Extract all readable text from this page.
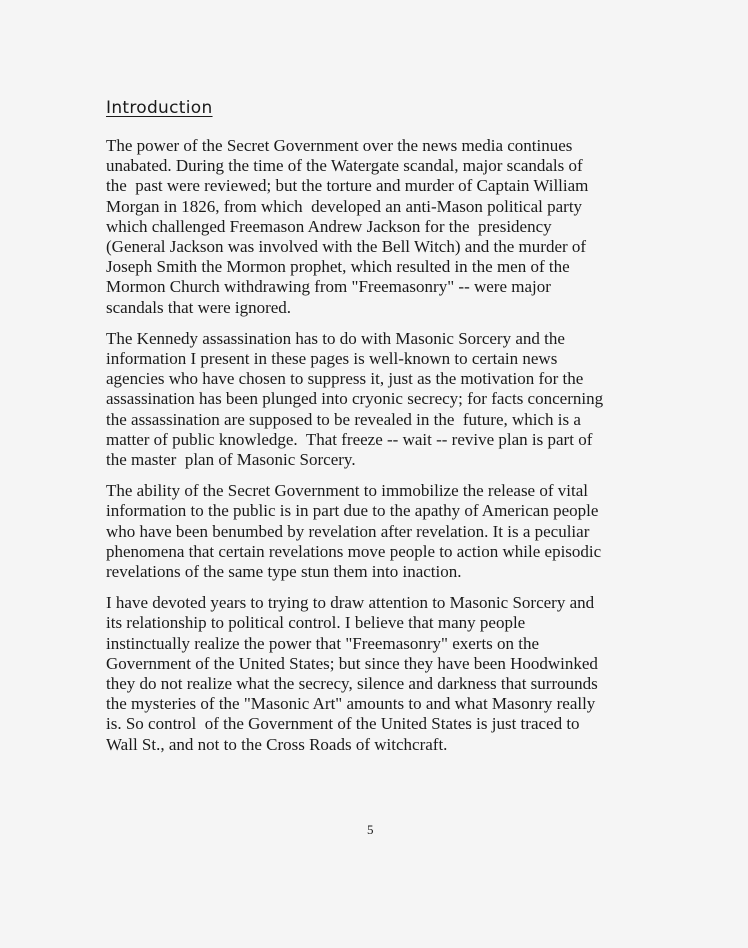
Introduction

The power of the Secret Government over the news media continues
unabated. During the time of the Watergate scandal, major scandals of
the  past were reviewed; but the torture and murder of Captain William
Morgan in 1826, from which  developed an anti-Mason political party
which challenged Freemason Andrew Jackson for the  presidency
(General Jackson was involved with the Bell Witch) and the murder of
Joseph Smith the Mormon prophet, which resulted in the men of the
Mormon Church withdrawing from "Freemasonry" -- were major
scandals that were ignored.

The Kennedy assassination has to do with Masonic Sorcery and the
information I present in these pages is well-known to certain news
agencies who have chosen to suppress it, just as the motivation for the
assassination has been plunged into cryonic secrecy; for facts concerning
the assassination are supposed to be revealed in the  future, which is a
matter of public knowledge.  That freeze -- wait -- revive plan is part of
the master  plan of Masonic Sorcery.

The ability of the Secret Government to immobilize the release of vital
information to the public is in part due to the apathy of American people
who have been benumbed by revelation after revelation. It is a peculiar
phenomena that certain revelations move people to action while episodic
revelations of the same type stun them into inaction.

I have devoted years to trying to draw attention to Masonic Sorcery and
its relationship to political control. I believe that many people
instinctually realize the power that "Freemasonry" exerts on the
Government of the United States; but since they have been Hoodwinked
they do not realize what the secrecy, silence and darkness that surrounds
the mysteries of the "Masonic Art" amounts to and what Masonry really
is. So control  of the Government of the United States is just traced to
Wall St., and not to the Cross Roads of witchcraft.

5
